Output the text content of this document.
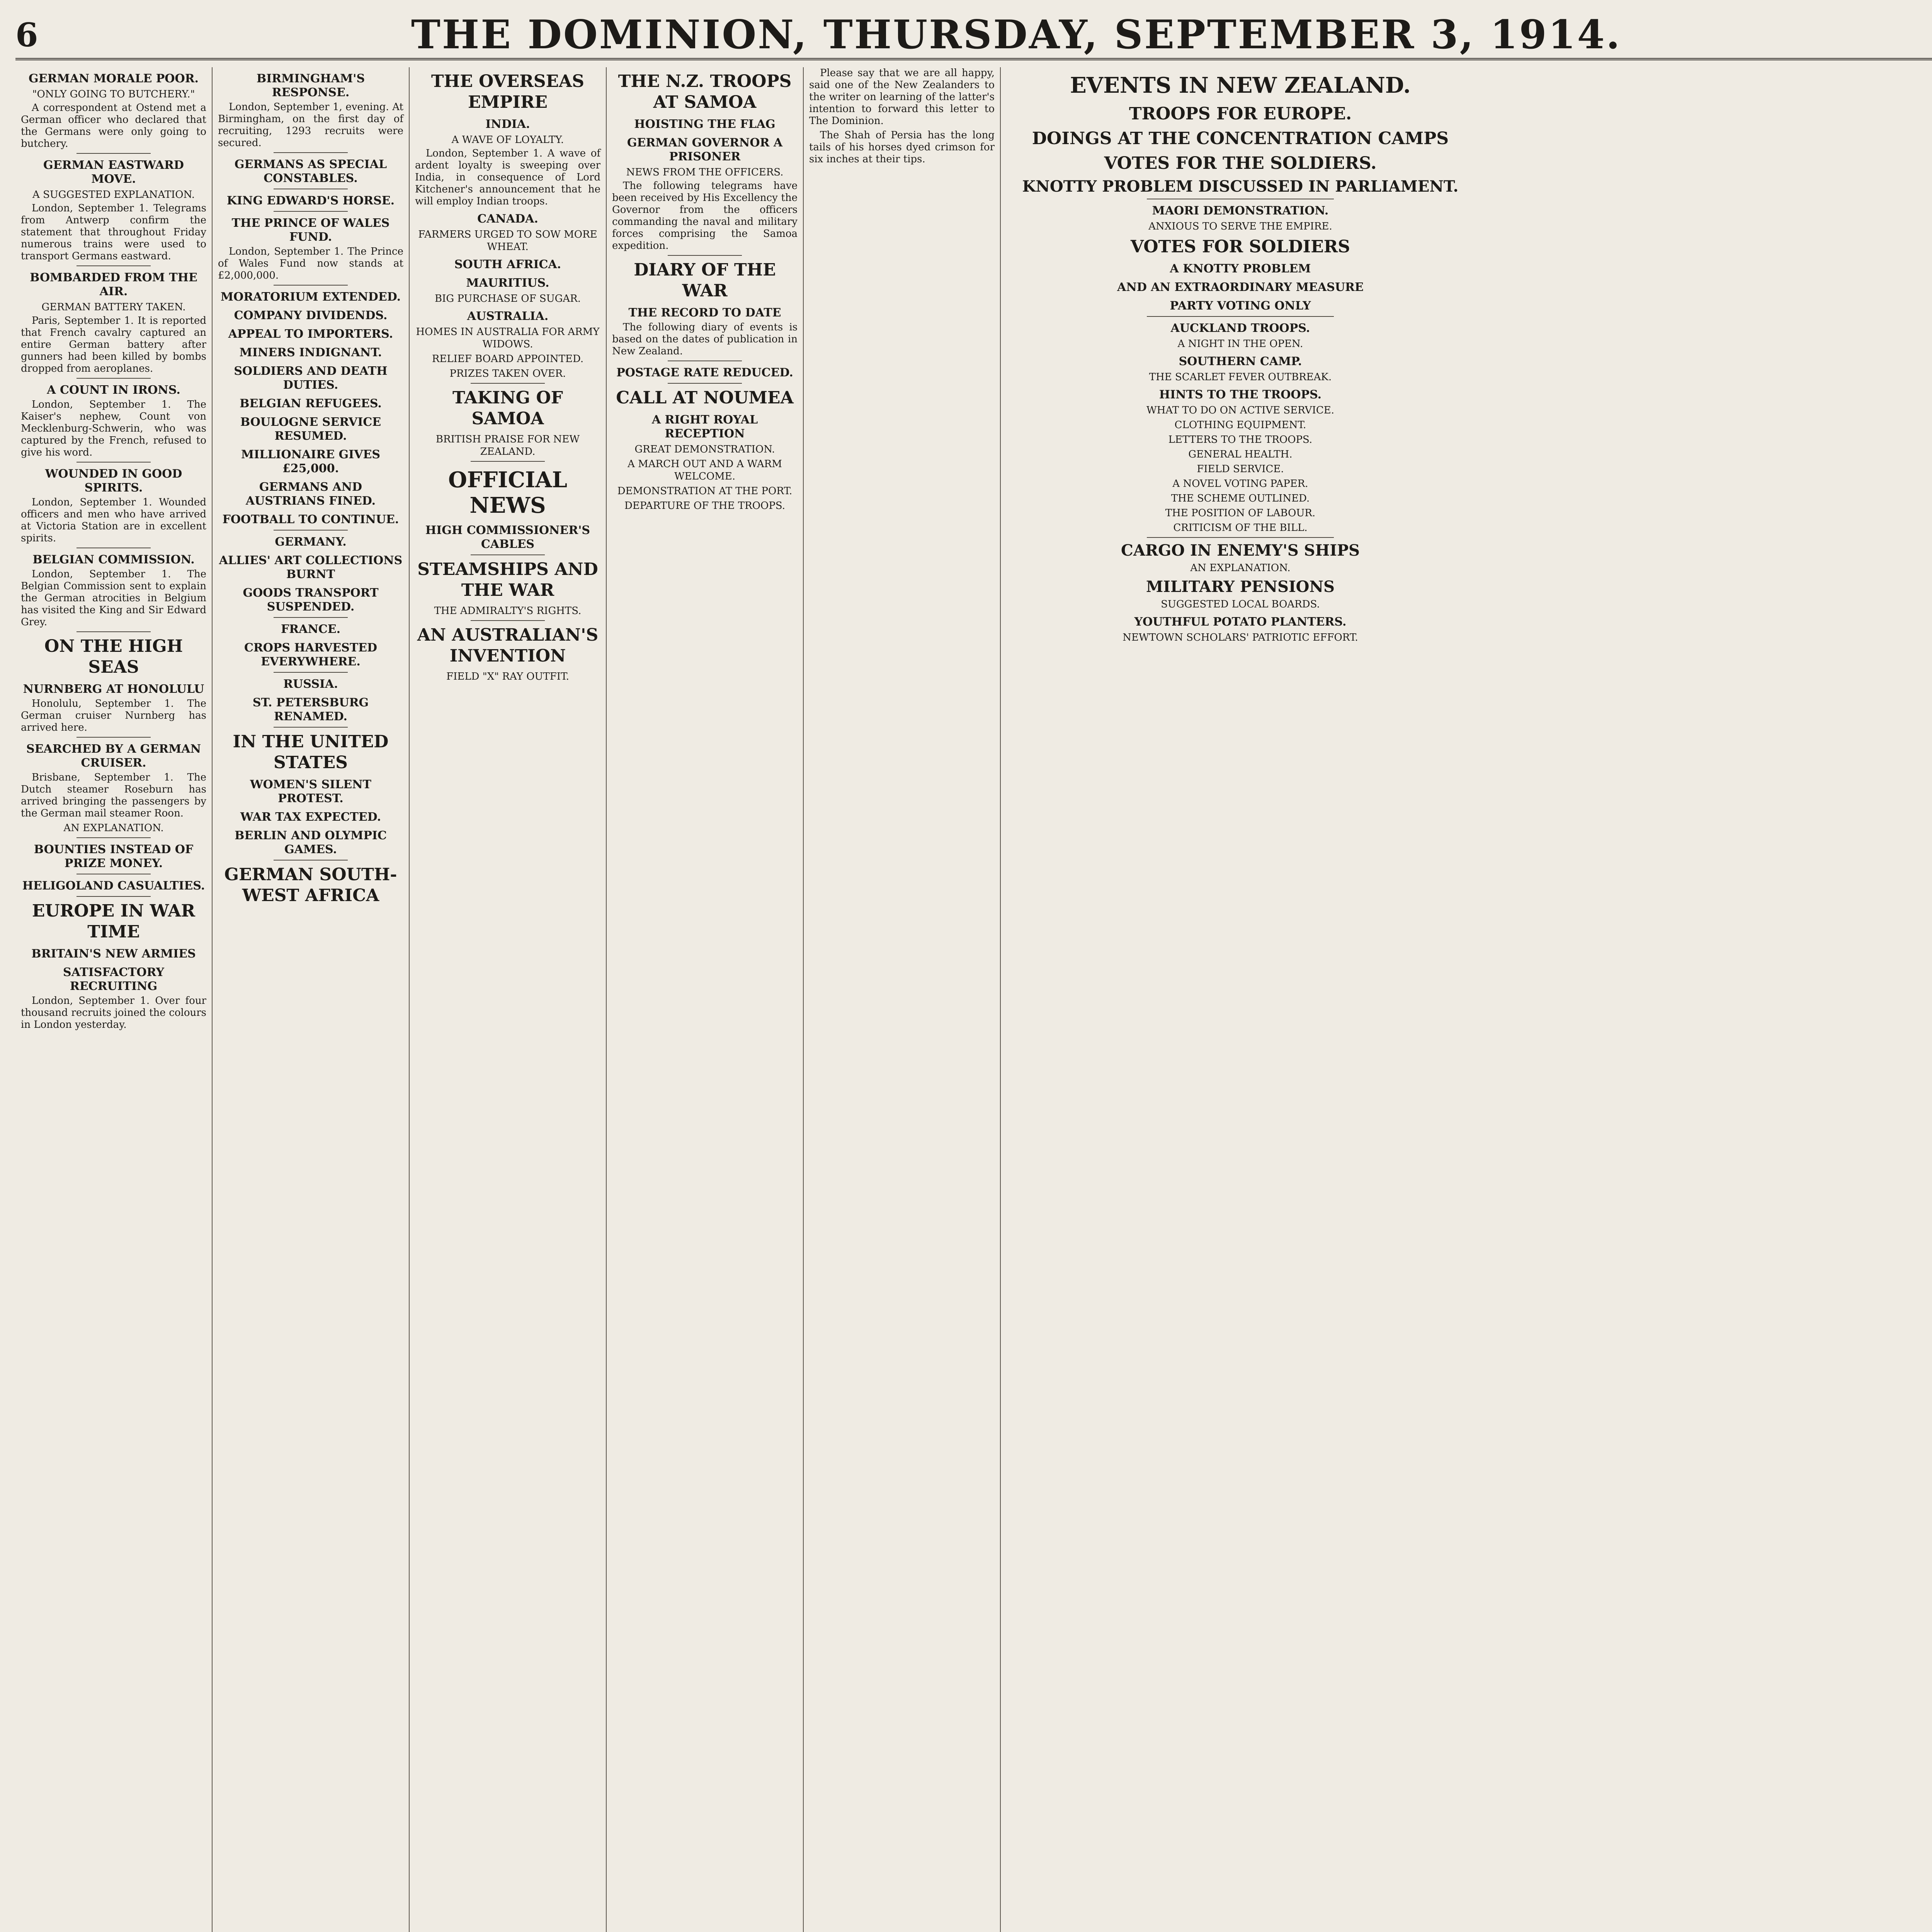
6	THE DOMINION, THURSDAY, SEPTEMBER 3, 1914.
GERMAN MORALE POOR.
"ONLY GOING TO BUTCHERY."

A correspondent at Ostend met a German officer who declared that the Germans were only going to butchery.

GERMAN EASTWARD MOVE.
A SUGGESTED EXPLANATION.

London, September 1. Telegrams from Antwerp confirm the statement that throughout Friday numerous trains were used to transport Germans eastward.

BOMBARDED FROM THE AIR.
GERMAN BATTERY TAKEN.

Paris, September 1. It is reported that French cavalry captured an entire German battery after gunners had been killed by bombs dropped from aeroplanes.

A COUNT IN IRONS.

London, September 1. The Kaiser's nephew, Count von Mecklenburg-Schwerin, who was captured by the French, refused to give his word.

WOUNDED IN GOOD SPIRITS.

London, September 1. Wounded officers and men who have arrived at Victoria Station are in excellent spirits.

BELGIAN COMMISSION.

London, September 1. The Belgian Commission sent to explain the German atrocities in Belgium has visited the King and Sir Edward Grey.

ON THE HIGH SEAS
NURNBERG AT HONOLULU

Honolulu, September 1. The German cruiser Nurnberg has arrived here.

SEARCHED BY A GERMAN CRUISER.

Brisbane, September 1. The Dutch steamer Roseburn has arrived bringing the passengers by the German mail steamer Roon.

AN EXPLANATION.
BOUNTIES INSTEAD OF PRIZE MONEY.
HELIGOLAND CASUALTIES.
EUROPE IN WAR TIME
BRITAIN'S NEW ARMIES
SATISFACTORY RECRUITING

London, September 1. Over four thousand recruits joined the colours in London yesterday.

BIRMINGHAM'S RESPONSE.

London, September 1, evening. At Birmingham, on the first day of recruiting, 1293 recruits were secured.

GERMANS AS SPECIAL CONSTABLES.
KING EDWARD'S HORSE.
THE PRINCE OF WALES FUND.

London, September 1. The Prince of Wales Fund now stands at £2,000,000.

MORATORIUM EXTENDED.
COMPANY DIVIDENDS.
APPEAL TO IMPORTERS.
MINERS INDIGNANT.
SOLDIERS AND DEATH DUTIES.
BELGIAN REFUGEES.
BOULOGNE SERVICE RESUMED.
MILLIONAIRE GIVES £25,000.
GERMANS AND AUSTRIANS FINED.
FOOTBALL TO CONTINUE.
GERMANY.
ALLIES' ART COLLECTIONS BURNT
GOODS TRANSPORT SUSPENDED.
FRANCE.
CROPS HARVESTED EVERYWHERE.
RUSSIA.
ST. PETERSBURG RENAMED.
IN THE UNITED STATES
WOMEN'S SILENT PROTEST.
WAR TAX EXPECTED.
BERLIN AND OLYMPIC GAMES.
GERMAN SOUTH-WEST AFRICA
THE OVERSEAS EMPIRE
INDIA.
A WAVE OF LOYALTY.

London, September 1. A wave of ardent loyalty is sweeping over India, in consequence of Lord Kitchener's announcement that he will employ Indian troops.

CANADA.
FARMERS URGED TO SOW MORE WHEAT.
SOUTH AFRICA.
MAURITIUS.
BIG PURCHASE OF SUGAR.
AUSTRALIA.
HOMES IN AUSTRALIA FOR ARMY WIDOWS.
RELIEF BOARD APPOINTED.
PRIZES TAKEN OVER.
TAKING OF SAMOA
BRITISH PRAISE FOR NEW ZEALAND.
OFFICIAL NEWS
HIGH COMMISSIONER'S CABLES
STEAMSHIPS AND THE WAR
THE ADMIRALTY'S RIGHTS.
AN AUSTRALIAN'S INVENTION
FIELD "X" RAY OUTFIT.
THE N.Z. TROOPS AT SAMOA
HOISTING THE FLAG
GERMAN GOVERNOR A PRISONER
NEWS FROM THE OFFICERS.

The following telegrams have been received by His Excellency the Governor from the officers commanding the naval and military forces comprising the Samoa expedition.

DIARY OF THE WAR
THE RECORD TO DATE

The following diary of events is based on the dates of publication in New Zealand.

POSTAGE RATE REDUCED.
CALL AT NOUMEA
A RIGHT ROYAL RECEPTION
GREAT DEMONSTRATION.
A MARCH OUT AND A WARM WELCOME.
DEMONSTRATION AT THE PORT.
DEPARTURE OF THE TROOPS.

Please say that we are all happy, said one of the New Zealanders to the writer on learning of the latter's intention to forward this letter to The Dominion.

The Shah of Persia has the long tails of his horses dyed crimson for six inches at their tips.

EVENTS IN NEW ZEALAND.
TROOPS FOR EUROPE.
DOINGS AT THE CONCENTRATION CAMPS
VOTES FOR THE SOLDIERS.
KNOTTY PROBLEM DISCUSSED IN PARLIAMENT.
MAORI DEMONSTRATION.
ANXIOUS TO SERVE THE EMPIRE.
VOTES FOR SOLDIERS
A KNOTTY PROBLEM
AND AN EXTRAORDINARY MEASURE
PARTY VOTING ONLY
AUCKLAND TROOPS.
A NIGHT IN THE OPEN.
SOUTHERN CAMP.
THE SCARLET FEVER OUTBREAK.
HINTS TO THE TROOPS.
WHAT TO DO ON ACTIVE SERVICE.
CLOTHING EQUIPMENT.
LETTERS TO THE TROOPS.
GENERAL HEALTH.
FIELD SERVICE.
A NOVEL VOTING PAPER.
THE SCHEME OUTLINED.
THE POSITION OF LABOUR.
CRITICISM OF THE BILL.
CARGO IN ENEMY'S SHIPS
AN EXPLANATION.
MILITARY PENSIONS
SUGGESTED LOCAL BOARDS.
YOUTHFUL POTATO PLANTERS.
NEWTOWN SCHOLARS' PATRIOTIC EFFORT.
